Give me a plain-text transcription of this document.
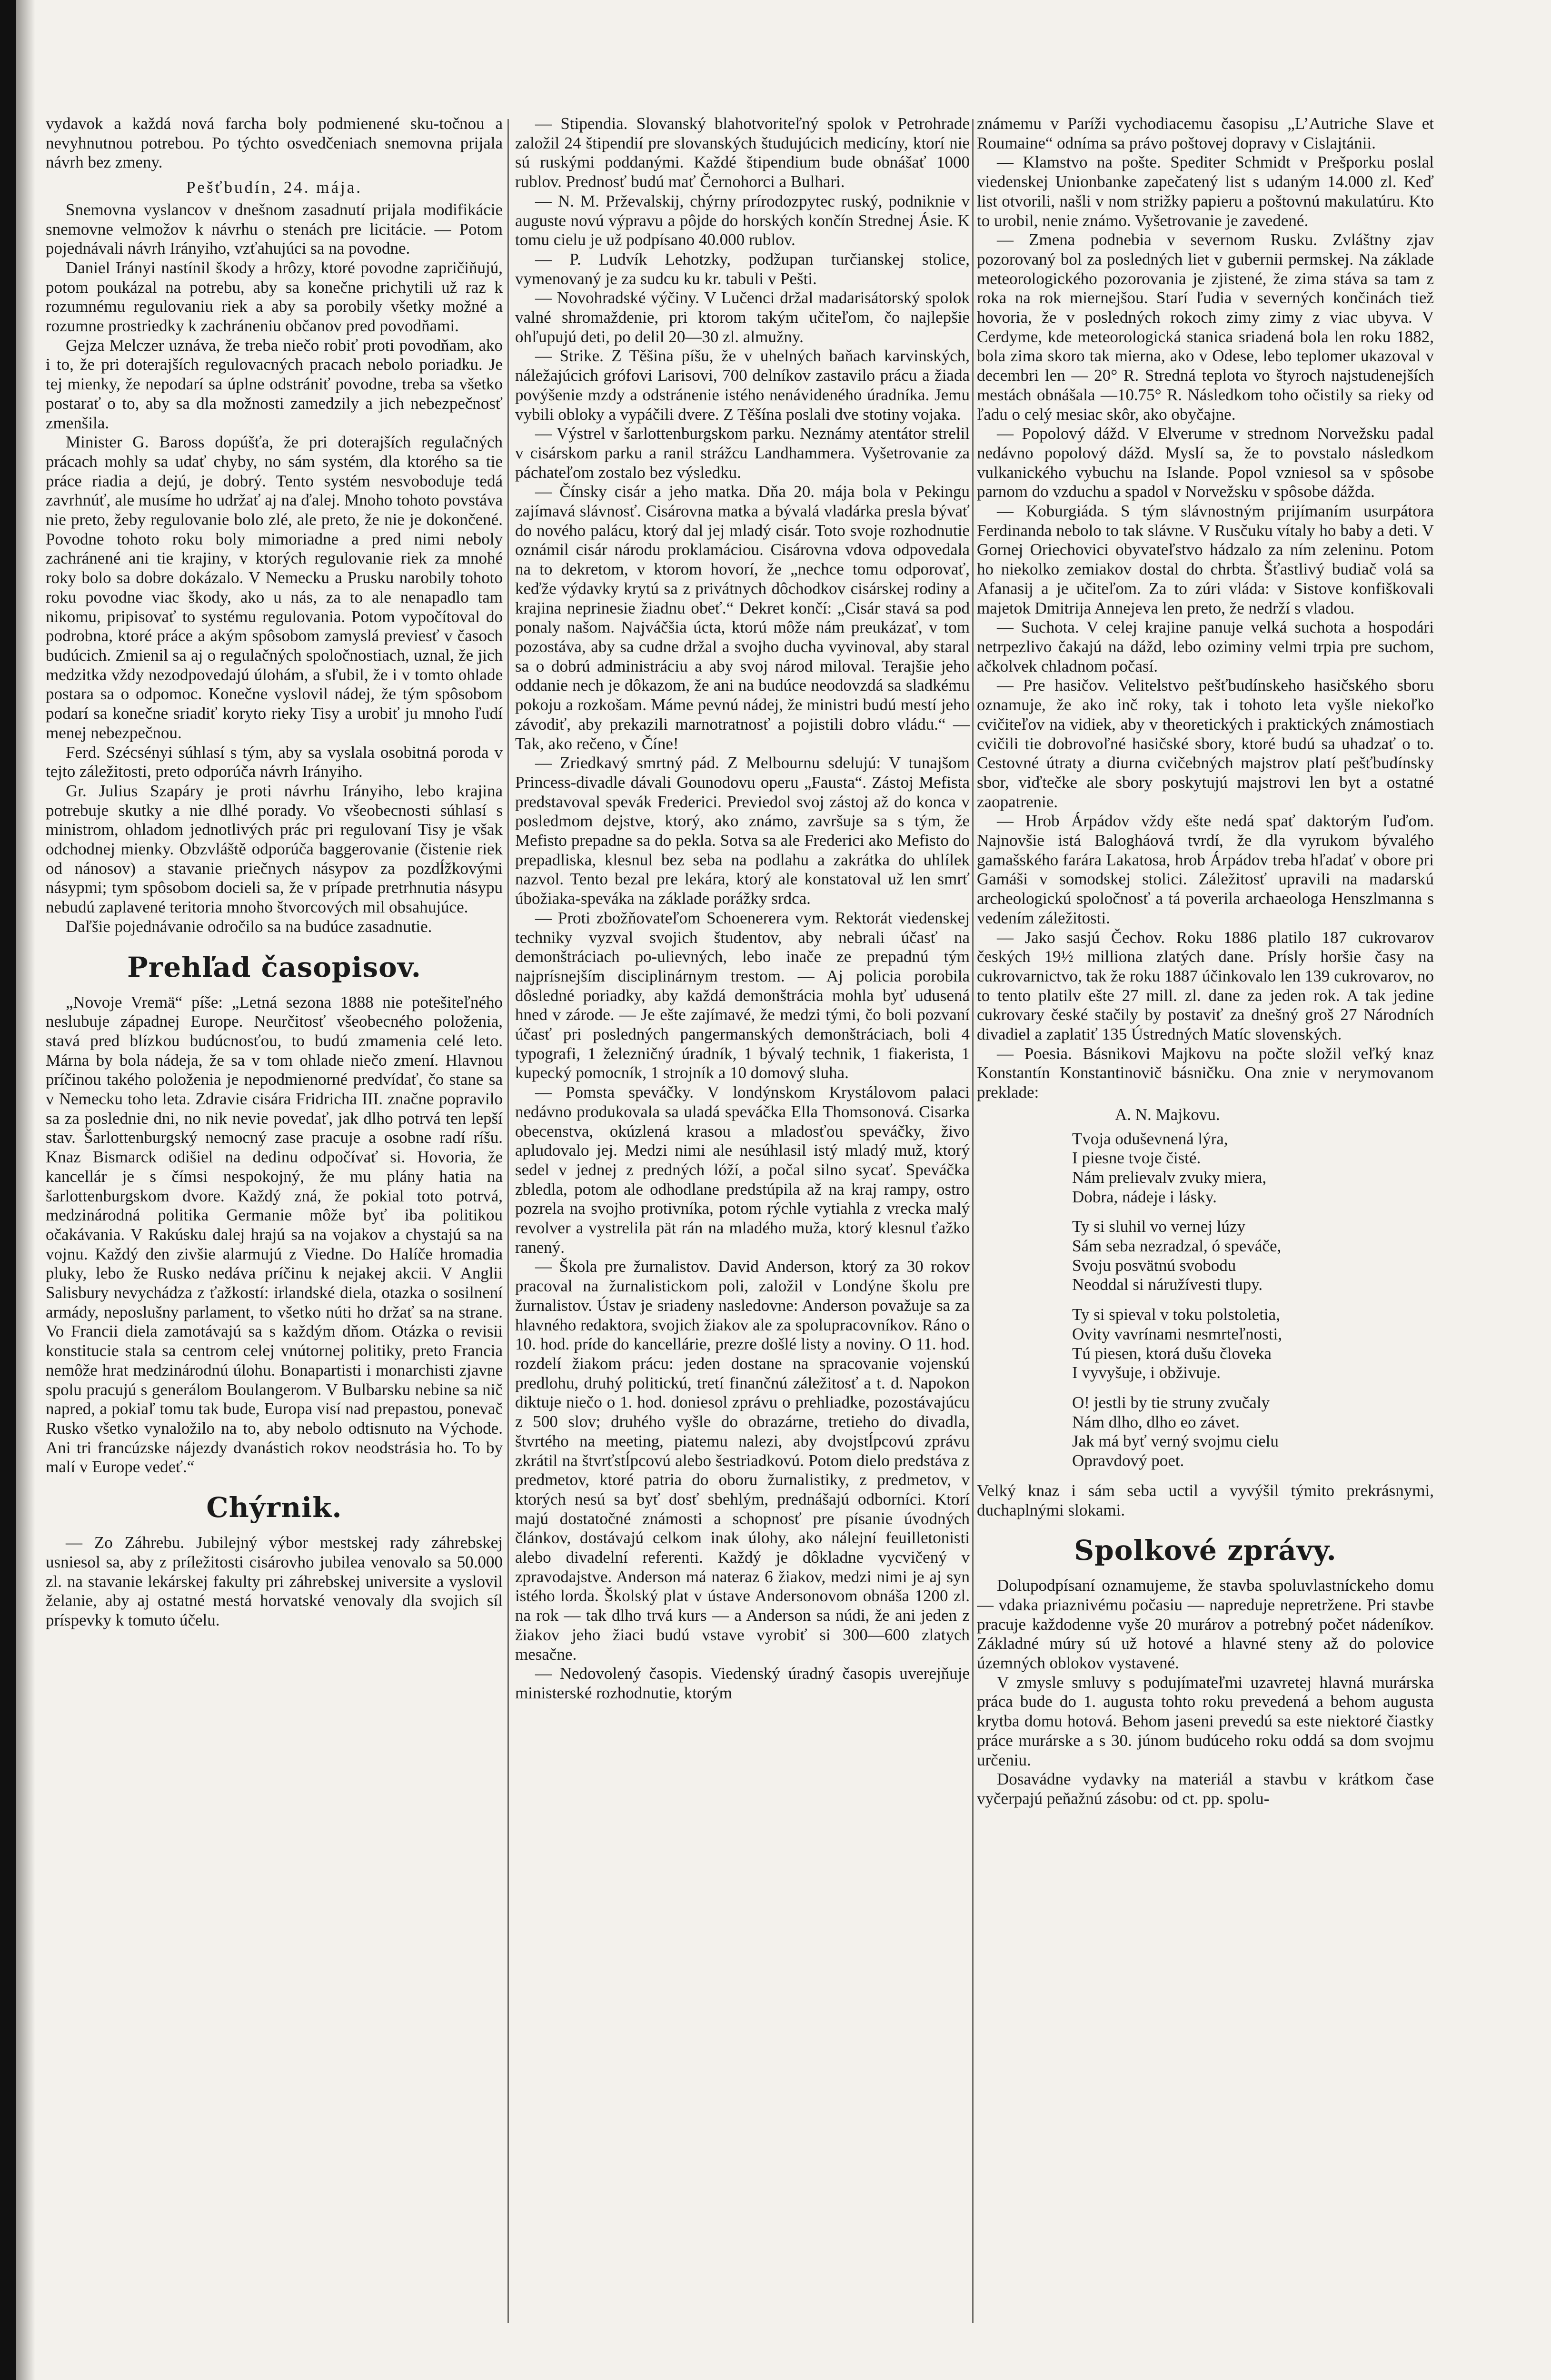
vydavok a každá nová farcha boly podmienené sku-točnou a nevyhnutnou potrebou. Po týchto osvedčeniach snemovna prijala návrh bez zmeny.

Pešťbudín, 24. mája.

Snemovna vyslancov v dnešnom zasadnutí prijala modifikácie snemovne velmožov k návrhu o stenách pre licitácie. — Potom pojednávali návrh Irányiho, vzťahujúci sa na povodne.

Daniel Irányi nastínil škody a hrôzy, ktoré povodne zapričiňujú, potom poukázal na potrebu, aby sa konečne prichytili už raz k rozumnému regulovaniu riek a aby sa porobily všetky možné a rozumne prostriedky k zachráneniu občanov pred povodňami.

Gejza Melczer uznáva, že treba niečo robiť proti povodňam, ako i to, že pri doterajších regulovacných pracach nebolo poriadku. Je tej mienky, že nepodarí sa úplne odstrániť povodne, treba sa všetko postarať o to, aby sa dla možnosti zamedzily a jich nebezpečnosť zmenšila.

Minister G. Baross dopúšťa, že pri doterajších regulačných prácach mohly sa udať chyby, no sám systém, dla ktorého sa tie práce riadia a dejú, je dobrý. Tento systém nesvoboduje tedá zavrhnúť, ale musíme ho udržať aj na ďalej. Mnoho tohoto povstáva nie preto, žeby regulovanie bolo zlé, ale preto, že nie je dokončené. Povodne tohoto roku boly mimoriadne a pred nimi neboly zachránené ani tie krajiny, v ktorých regulovanie riek za mnohé roky bolo sa dobre dokázalo. V Nemecku a Prusku narobily tohoto roku povodne viac škody, ako u nás, za to ale nenapadlo tam nikomu, pripisovať to systému regulovania. Potom vypočítoval do podrobna, ktoré práce a akým spôsobom zamyslá previesť v časoch budúcich. Zmienil sa aj o regulačných spoločnostiach, uznal, že jich medzitka vždy nezodpovedajú úlohám, a sľubil, že i v tomto ohlade postara sa o odpomoc. Konečne vyslovil nádej, že tým spôsobom podarí sa konečne sriadiť koryto rieky Tisy a urobiť ju mnoho ľudí menej nebezpečnou.

Ferd. Szécsényi súhlasí s tým, aby sa vyslala osobitná poroda v tejto záležitosti, preto odporúča návrh Irányiho.

Gr. Julius Szapáry je proti návrhu Irányiho, lebo krajina potrebuje skutky a nie dlhé porady. Vo všeobecnosti súhlasí s ministrom, ohladom jednotlivých prác pri regulovaní Tisy je však odchodnej mienky. Obzvláště odporúča baggerovanie (čistenie riek od nánosov) a stavanie priečnych násypov za pozdĺžkovými násypmi; tym spôsobom docieli sa, že v prípade pretrhnutia násypu nebudú zaplavené teritoria mnoho štvorcových mil obsahujúce.

Daľšie pojednávanie odročilo sa na budúce zasadnutie.

Prehľad časopisov.

„Novoje Vremä“ píše: „Letná sezona 1888 nie potešiteľného neslubuje západnej Europe. Neurčitosť všeobecného položenia, stavá pred blízkou budúcnosťou, to budú zmamenia celé leto. Márna by bola nádeja, že sa v tom ohlade niečo zmení. Hlavnou príčinou takého položenia je nepodmienorné predvídať, čo stane sa v Nemecku toho leta. Zdravie cisára Fridricha III. značne popravilo sa za poslednie dni, no nik nevie povedať, jak dlho potrvá ten lepší stav. Šarlottenburgský nemocný zase pracuje a osobne radí ríšu. Knaz Bismarck odišiel na dedinu odpočívať si. Hovoria, že kancellár je s čímsi nespokojný, že mu plány hatia na šarlottenburgskom dvore. Každý zná, že pokial toto potrvá, medzinárodná politika Germanie môže byť iba politikou očakávania. V Rakúsku dalej hrajú sa na vojakov a chystajú sa na vojnu. Každý den zivšie alarmujú z Viedne. Do Halíče hromadia pluky, lebo že Rusko nedáva príčinu k nejakej akcii. V Anglii Salisbury nevychádza z ťažkostí: irlandské diela, otazka o sosilnení armády, neposlušny parlament, to všetko núti ho držať sa na strane. Vo Francii diela zamotávajú sa s každým dňom. Otázka o revisii konstitucie stala sa centrom celej vnútornej politiky, preto Francia nemôže hrat medzinárodnú úlohu. Bonapartisti i monarchisti zjavne spolu pracujú s generálom Boulangerom. V Bulbarsku nebine sa nič napred, a pokiaľ tomu tak bude, Europa visí nad prepastou, ponevač Rusko všetko vynaložilo na to, aby nebolo odtisnuto na Východe. Ani tri francúzske nájezdy dvanástich rokov neodstrásia ho. To by malí v Europe vedeť.“

Chýrnik.

— Zo Záhrebu. Jubilejný výbor mestskej rady záhrebskej usniesol sa, aby z príležitosti cisárovho jubilea venovalo sa 50.000 zl. na stavanie lekárskej fakulty pri záhrebskej universite a vyslovil želanie, aby aj ostatné mestá horvatské venovaly dla svojich síl príspevky k tomuto účelu.

— Stipendia. Slovanský blahotvoriteľný spolok v Petrohrade založil 24 štipendií pre slovanských študujúcich medicíny, ktorí nie sú ruskými poddanými. Každé štipendium bude obnášať 1000 rublov. Prednosť budú mať Černohorci a Bulhari.

— N. M. Prževalskij, chýrny prírodozpytec ruský, podniknie v auguste novú výpravu a pôjde do horských končín Strednej Ásie. K tomu cielu je už podpísano 40.000 rublov.

— P. Ludvík Lehotzky, podžupan turčianskej stolice, vymenovaný je za sudcu ku kr. tabuli v Pešti.

— Novohradské výčiny. V Lučenci držal madarisátorský spolok valné shromaždenie, pri ktorom takým učiteľom, čo najlepšie ohľupujú deti, po delil 20—30 zl. almužny.

— Strike. Z Těšina píšu, že v uhelných baňach karvinských, náležajúcich grófovi Larisovi, 700 delníkov zastavilo prácu a žiada povýšenie mzdy a odstránenie istého nenávideného úradníka. Jemu vybili obloky a vypáčili dvere. Z Těšína poslali dve stotiny vojaka.

— Výstrel v šarlottenburgskom parku. Neznámy atentátor strelil v cisárskom parku a ranil strážcu Landhammera. Vyšetrovanie za páchateľom zostalo bez výsledku.

— Čínsky cisár a jeho matka. Dňa 20. mája bola v Pekingu zajímavá slávnosť. Cisárovna matka a bývalá vladárka presla bývať do nového palácu, ktorý dal jej mladý cisár. Toto svoje rozhodnutie oznámil cisár národu proklamáciou. Cisárovna vdova odpovedala na to dekretom, v ktorom hovorí, že „nechce tomu odporovať, keďže výdavky krytú sa z privátnych dôchodkov cisárskej rodiny a krajina neprinesie žiadnu obeť.“ Dekret končí: „Cisár stavá sa pod ponaly našom. Najváčšia úcta, ktorú môže nám preukázať, v tom pozostáva, aby sa cudne držal a svojho ducha vyvinoval, aby staral sa o dobrú administráciu a aby svoj národ miloval. Terajšie jeho oddanie nech je dôkazom, že ani na budúce neodovzdá sa sladkému pokoju a rozkošam. Máme pevnú nádej, že ministri budú mestí jeho závodiť, aby prekazili marnotratnosť a pojistili dobro vládu.“ — Tak, ako rečeno, v Číne!

— Zriedkavý smrtný pád. Z Melbournu sdelujú: V tunajšom Princess-divadle dávali Gounodovu operu „Fausta“. Zástoj Mefista predstavoval spevák Frederici. Previedol svoj zástoj až do konca v posledmom dejstve, ktorý, ako známo, završuje sa s tým, že Mefisto prepadne sa do pekla. Sotva sa ale Frederici ako Mefisto do prepadliska, klesnul bez seba na podlahu a zakrátka do uhlílek nazvol. Tento bezal pre lekára, ktorý ale konstatoval už len smrť úbožiaka-speváka na základe porážky srdca.

— Proti zbožňovateľom Schoenerera vym. Rektorát viedenskej techniky vyzval svojich študentov, aby nebrali účasť na demonštráciach po-ulievných, lebo inače ze prepadnú tým najprísnejším disciplinárnym trestom. — Aj policia porobila dôsledné poriadky, aby každá demonštrácia mohla byť udusená hned v zárode. — Je ešte zajímavé, že medzi tými, čo boli pozvaní účasť pri posledných pangermanských demonštráciach, boli 4 typografi, 1 železničný úradník, 1 bývalý technik, 1 fiakerista, 1 kupecký pomocník, 1 strojník a 10 domový sluha.

— Pomsta speváčky. V londýnskom Krystálovom palaci nedávno produkovala sa uladá speváčka Ella Thomsonová. Cisarka obecenstva, okúzlená krasou a mladosťou speváčky, živo apludovalo jej. Medzi nimi ale nesúhlasil istý mladý muž, ktorý sedel v jednej z predných lóží, a počal silno sycať. Speváčka zbledla, potom ale odhodlane predstúpila až na kraj rampy, ostro pozrela na svojho protivníka, potom rýchle vytiahla z vrecka malý revolver a vystrelila pät rán na mladého muža, ktorý klesnul ťažko ranený.

— Škola pre žurnalistov. David Anderson, ktorý za 30 rokov pracoval na žurnalistickom poli, založil v Londýne školu pre žurnalistov. Ústav je sriadeny nasledovne: Anderson považuje sa za hlavného redaktora, svojich žiakov ale za spolupracovníkov. Ráno o 10. hod. príde do kancellárie, prezre došlé listy a noviny. O 11. hod. rozdelí žiakom prácu: jeden dostane na spracovanie vojenskú predlohu, druhý politickú, tretí finančnú záležitosť a t. d. Napokon diktuje niečo o 1. hod. doniesol zprávu o prehliadke, pozostávajúcu z 500 slov; druhého vyšle do obrazárne, tretieho do divadla, štvrtého na meeting, piatemu nalezi, aby dvojstĺpcovú zprávu zkrátil na štvrťstĺpcovú alebo šestriadkovú. Potom dielo predstáva z predmetov, ktoré patria do oboru žurnalistiky, z predmetov, v ktorých nesú sa byť dosť sbehlým, prednášajú odborníci. Ktorí majú dostatočné známosti a schopnosť pre písanie úvodných článkov, dostávajú celkom inak úlohy, ako nálejní feuilletonisti alebo divadelní referenti. Každý je dôkladne vycvičený v zpravodajstve. Anderson má nateraz 6 žiakov, medzi nimi je aj syn istého lorda. Školský plat v ústave Andersonovom obnáša 1200 zl. na rok — tak dlho trvá kurs — a Anderson sa núdi, že ani jeden z žiakov jeho žiaci budú vstave vyrobiť si 300—600 zlatych mesačne.

— Nedovolený časopis. Viedenský úradný časopis uverejňuje ministerské rozhodnutie, ktorým

známemu v Paríži vychodiacemu časopisu „L’Autriche Slave et Roumaine“ odníma sa právo poštovej dopravy v Cislajtánii.

— Klamstvo na pošte. Spediter Schmidt v Prešporku poslal viedenskej Unionbanke zapečatený list s udaným 14.000 zl. Keď list otvorili, našli v nom strižky papieru a poštovnú makulatúru. Kto to urobil, nenie známo. Vyšetrovanie je zavedené.

— Zmena podnebia v severnom Rusku. Zvláštny zjav pozorovaný bol za posledných liet v gubernii permskej. Na základe meteorologického pozorovania je zjistené, že zima stáva sa tam z roka na rok miernejšou. Starí ľudia v severných končinách tiež hovoria, že v posledných rokoch zimy zimy z viac ubyva. V Cerdyme, kde meteorologická stanica sriadená bola len roku 1882, bola zima skoro tak mierna, ako v Odese, lebo teplomer ukazoval v decembri len — 20° R. Stredná teplota vo štyroch najstudenejších mestách obnášala —10.75° R. Následkom toho očistily sa rieky od ľadu o celý mesiac skôr, ako obyčajne.

— Popolový dážd. V Elverume v strednom Norvežsku padal nedávno popolový dážd. Myslí sa, že to povstalo následkom vulkanického vybuchu na Islande. Popol vzniesol sa v spôsobe parnom do vzduchu a spadol v Norvežsku v spôsobe dážda.

— Koburgiáda. S tým slávnostným prijímaním usurpátora Ferdinanda nebolo to tak slávne. V Rusčuku vítaly ho baby a deti. V Gornej Oriechovici obyvateľstvo hádzalo za ním zeleninu. Potom ho niekolko zemiakov dostal do chrbta. Šťastlivý budiač volá sa Afanasij a je učiteľom. Za to zúri vláda: v Sistove konfiškovali majetok Dmitrija Annejeva len preto, že nedrží s vladou.

— Suchota. V celej krajine panuje velká suchota a hospodári netrpezlivo čakajú na dážd, lebo oziminy velmi trpia pre suchom, ačkolvek chladnom počasí.

— Pre hasičov. Velitelstvo pešťbudínskeho hasičského sboru oznamuje, že ako inč roky, tak i tohoto leta vyšle niekoľko cvičiteľov na vidiek, aby v theoretických i praktických známostiach cvičili tie dobrovoľné hasičské sbory, ktoré budú sa uhadzať o to. Cestovné útraty a diurna cvičebných majstrov platí pešťbudínsky sbor, viďtečke ale sbory poskytujú majstrovi len byt a ostatné zaopatrenie.

— Hrob Árpádov vždy ešte nedá spať daktorým ľuďom. Najnovšie istá Balogháová tvrdí, že dla vyrukom bývalého gamašského farára Lakatosa, hrob Árpádov treba hľadať v obore pri Gamáši v somodskej stolici. Záležitosť upravili na madarskú archeologickú spoločnosť a tá poverila archaeologa Henszlmanna s vedením záležitosti.

— Jako sasjú Čechov. Roku 1886 platilo 187 cukrovarov českých 19½ milliona zlatých dane. Prísly horšie časy na cukrovarnictvo, tak že roku 1887 účinkovalo len 139 cukrovarov, no to tento platilv ešte 27 mill. zl. dane za jeden rok. A tak jedine cukrovary české stačily by postaviť za dnešný groš 27 Národních divadiel a zaplatiť 135 Ústredných Matíc slovenských.

— Poesia. Básnikovi Majkovu na počte složil veľký knaz Konstantín Konstantinovič básničku. Ona znie v nerymovanom preklade:

A. N. Majkovu.
Tvoja oduševnená lýra,
I piesne tvoje čisté.
Nám prelievalv zvuky miera,
Dobra, nádeje i lásky.
Ty si sluhil vo vernej lúzy
Sám seba nezradzal, ó speváče,
Svoju posvätnú svobodu
Neoddal si náružívesti tlupy.
Ty si spieval v toku polstoletia,
Ovity vavrínami nesmrteľnosti,
Tú piesen, ktorá dušu človeka
I vyvyšuje, i obživuje.
O! jestli by tie struny zvučaly
Nám dlho, dlho eo závet.
Jak má byť verný svojmu cielu
Opravdový poet.

Velký knaz i sám seba uctil a vyvýšil týmito prekrásnymi, duchaplnými slokami.

Spolkové zprávy.

Dolupodpísaní oznamujeme, že stavba spoluvlastníckeho domu — vdaka priaznivému počasiu — napreduje nepretržene. Pri stavbe pracuje každodenne vyše 20 murárov a potrebný počet nádeníkov. Základné múry sú už hotové a hlavné steny až do polovice územných oblokov vystavené.

V zmysle smluvy s podujímateľmi uzavretej hlavná murárska práca bude do 1. augusta tohto roku prevedená a behom augusta krytba domu hotová. Behom jaseni prevedú sa este niektoré čiastky práce murárske a s 30. júnom budúceho roku oddá sa dom svojmu určeniu.

Dosavádne vydavky na materiál a stavbu v krátkom čase vyčerpajú peňažnú zásobu: od ct. pp. spolu-
